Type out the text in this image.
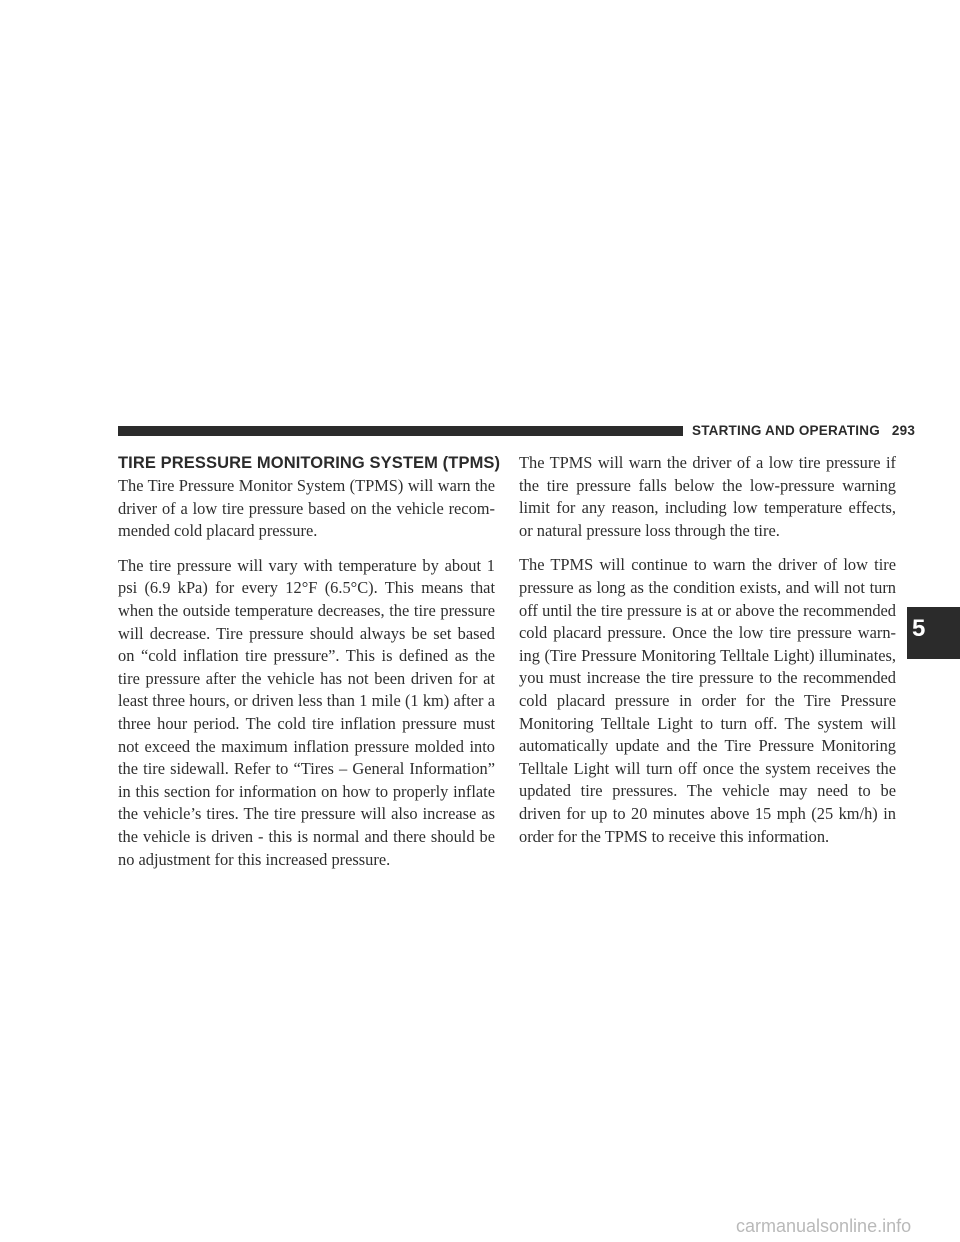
STARTING AND OPERATING 293
TIRE PRESSURE MONITORING SYSTEM (TPMS)

The Tire Pressure Monitor System (TPMS) will warn the driver of a low tire pressure based on the vehicle recom-mended cold placard pressure.

The tire pressure will vary with temperature by about 1 psi (6.9 kPa) for every 12°F (6.5°C). This means that when the outside temperature decreases, the tire pressure will decrease. Tire pressure should always be set based on “cold inflation tire pressure”. This is defined as the tire pressure after the vehicle has not been driven for at least three hours, or driven less than 1 mile (1 km) after a three hour period. The cold tire inflation pressure must not exceed the maximum inflation pressure molded into the tire sidewall. Refer to “Tires – General Information” in this section for information on how to properly inflate the vehicle’s tires. The tire pressure will also increase as the vehicle is driven - this is normal and there should be no adjustment for this increased pressure.

The TPMS will warn the driver of a low tire pressure if the tire pressure falls below the low-pressure warning limit for any reason, including low temperature effects, or natural pressure loss through the tire.

The TPMS will continue to warn the driver of low tire pressure as long as the condition exists, and will not turn off until the tire pressure is at or above the recommended cold placard pressure. Once the low tire pressure warn-ing (Tire Pressure Monitoring Telltale Light) illuminates, you must increase the tire pressure to the recommended cold placard pressure in order for the Tire Pressure Monitoring Telltale Light to turn off. The system will automatically update and the Tire Pressure Monitoring Telltale Light will turn off once the system receives the updated tire pressures. The vehicle may need to be driven for up to 20 minutes above 15 mph (25 km/h) in order for the TPMS to receive this information.

5
carmanualsonline.info
